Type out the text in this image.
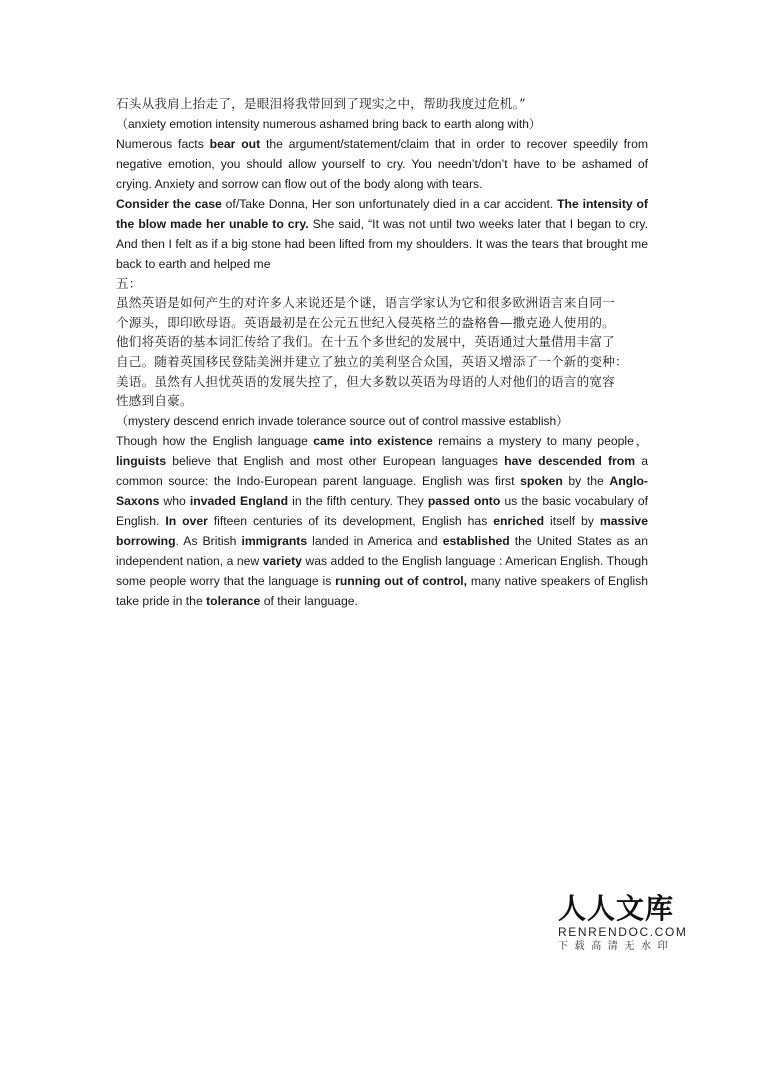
石头从我肩上抬走了，是眼泪将我带回到了现实之中，帮助我度过危机。”

（anxiety emotion intensity numerous ashamed bring back to earth along with）

Numerous facts bear out the argument/statement/claim that in order to recover speedily from negative emotion, you should allow yourself to cry. You needn’t/don’t have to be ashamed of crying. Anxiety and sorrow can flow out of the body along with tears.

Consider the case of/Take Donna, Her son unfortunately died in a car accident. The intensity of the blow made her unable to cry. She said, “It was not until two weeks later that I began to cry. And then I felt as if a big stone had been lifted from my shoulders. It was the tears that brought me back to earth and helped me

五：

虽然英语是如何产生的对许多人来说还是个谜，语言学家认为它和很多欧洲语言来自同一

个源头，即印欧母语。英语最初是在公元五世纪入侵英格兰的盎格鲁—撒克逊人使用的。

他们将英语的基本词汇传给了我们。在十五个多世纪的发展中，英语通过大量借用丰富了

自己。随着英国移民登陆美洲并建立了独立的美利坚合众国，英语又增添了一个新的变种：

美语。虽然有人担忧英语的发展失控了，但大多数以英语为母语的人对他们的语言的宽容

性感到自豪。

（mystery descend enrich invade tolerance source out of control massive establish）

Though how the English language came into existence remains a mystery to many people，linguists believe that English and most other European languages have descended from a common source: the Indo-European parent language. English was first spoken by the Anglo-Saxons who invaded England in the fifth century. They passed onto us the basic vocabulary of English. In over fifteen centuries of its development, English has enriched itself by massive borrowing. As British immigrants landed in America and established the United States as an independent nation, a new variety was added to the English language : American English. Though some people worry that the language is running out of control, many native speakers of English take pride in the tolerance of their language.

人人文库
RENRENDOC.COM
下载高清无水印
